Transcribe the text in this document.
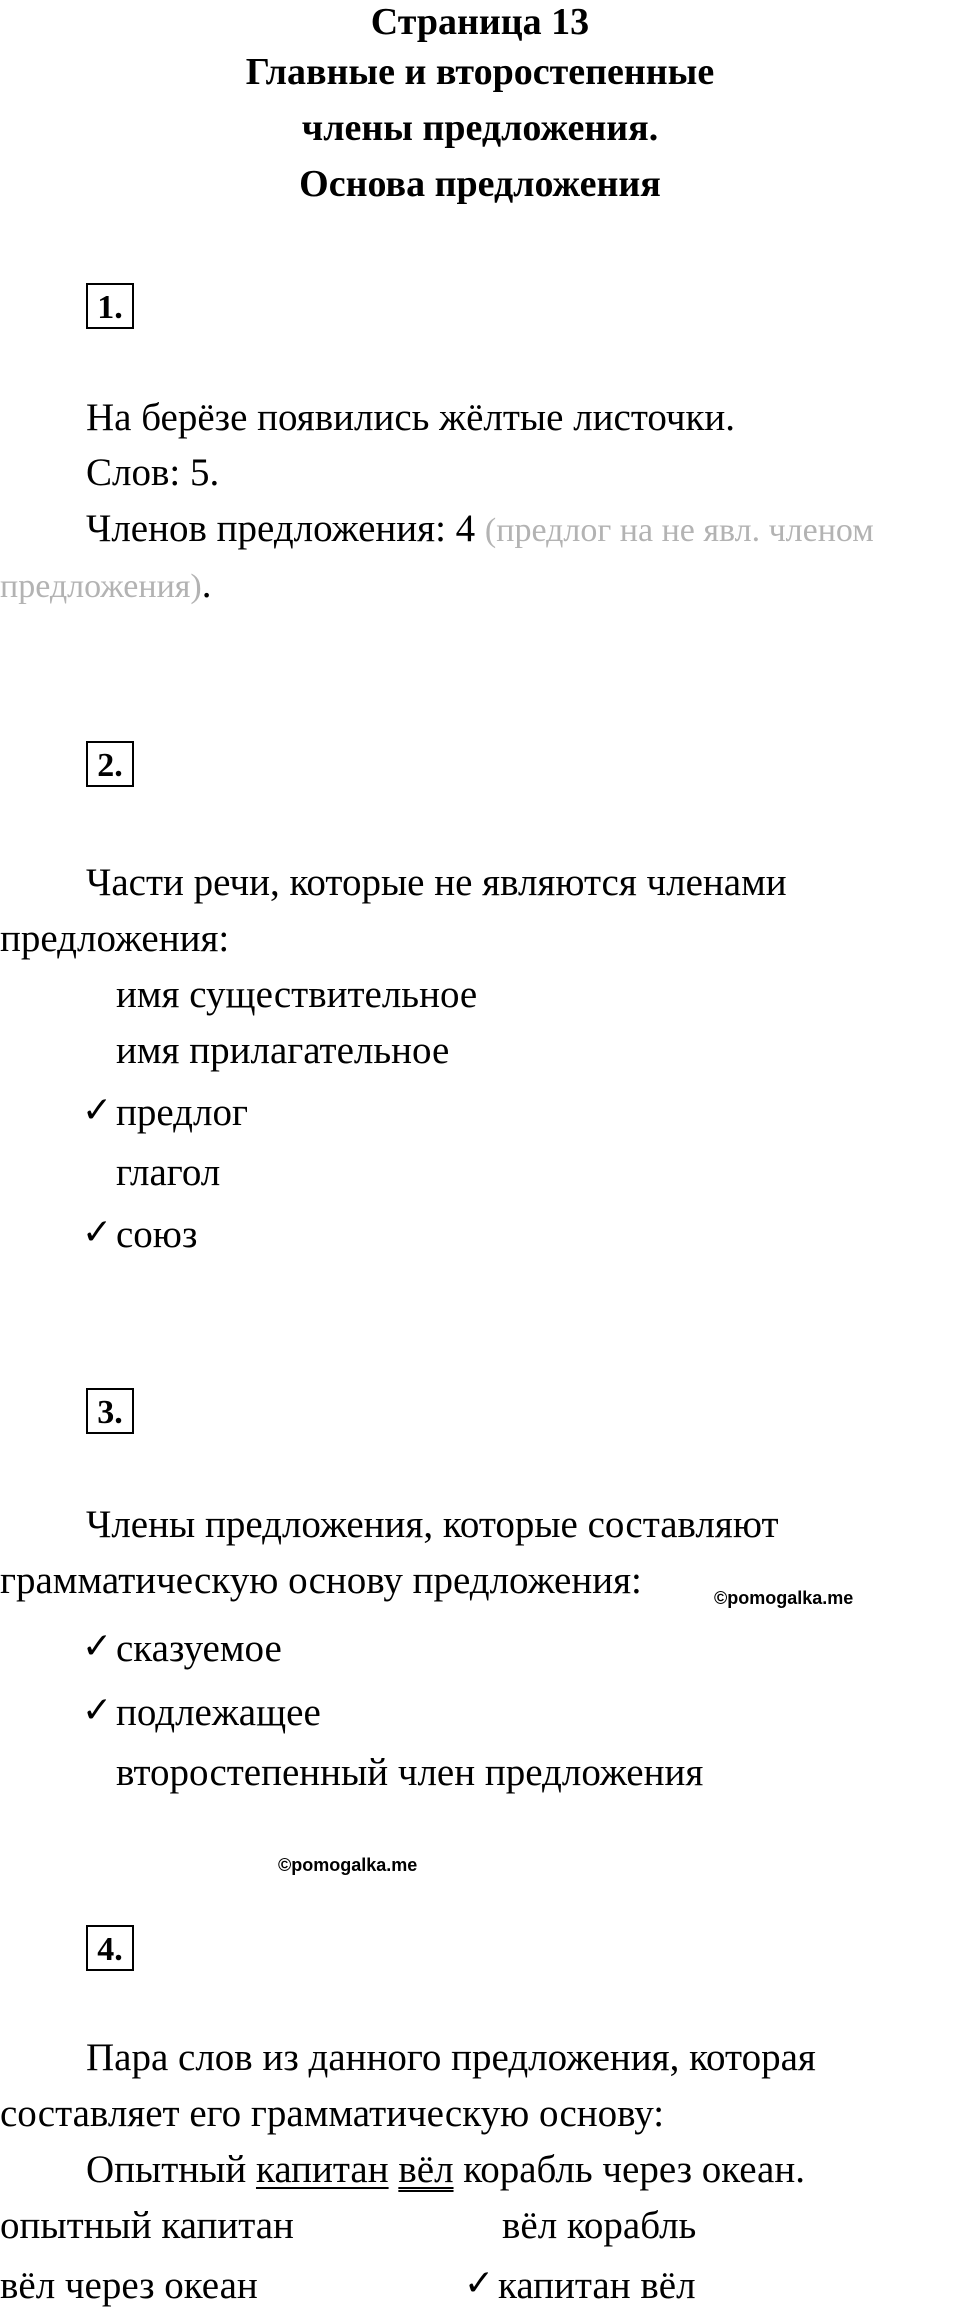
Страница 13
Главные и второстепенные
члены предложения.
Основа предложения
1.
На берёзе появились жёлтые листочки.
Слов: 5.
Членов предложения: 4 (предлог на не явл. членом
предложения).
2.
Части речи, которые не являются членами
предложения:
имя существительное
имя прилагательное
✓ предлог
глагол
✓ союз
3.
Члены предложения, которые составляют
грамматическую основу предложения:	©pomogalka.me
✓ сказуемое
✓ подлежащее
второстепенный член предложения
©pomogalka.me
4.
Пара слов из данного предложения, которая
составляет его грамматическую основу:
Опытный капитан вёл корабль через океан.
опытный капитан	вёл корабль
вёл через океан	✓ капитан вёл
